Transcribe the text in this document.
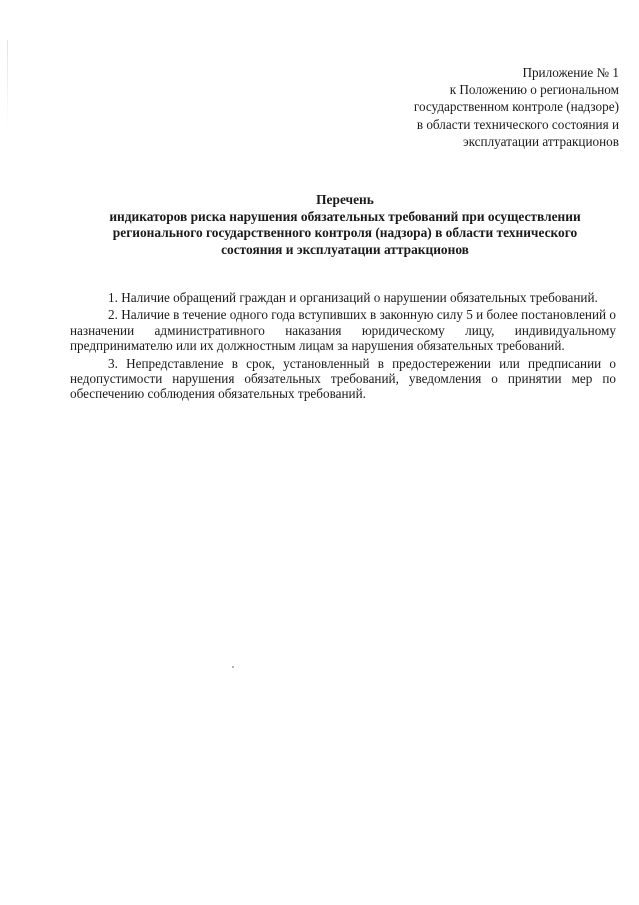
Приложение № 1
к Положению о региональном
государственном контроле (надзоре)
в области технического состояния и
эксплуатации аттракционов
Перечень
индикаторов риска нарушения обязательных требований при осуществлении
регионального государственного контроля (надзора) в области технического
состояния и эксплуатации аттракционов

1. Наличие обращений граждан и организаций о нарушении обязательных требований.

2. Наличие в течение одного года вступивших в законную силу 5 и более постановлений о назначении административного наказания юридическому лицу, индивидуальному предпринимателю или их должностным лицам за нарушения обязательных требований.

3. Непредставление в срок, установленный в предостережении или предписании о недопустимости нарушения обязательных требований, уведомления о принятии мер по обеспечению соблюдения обязательных требований.
